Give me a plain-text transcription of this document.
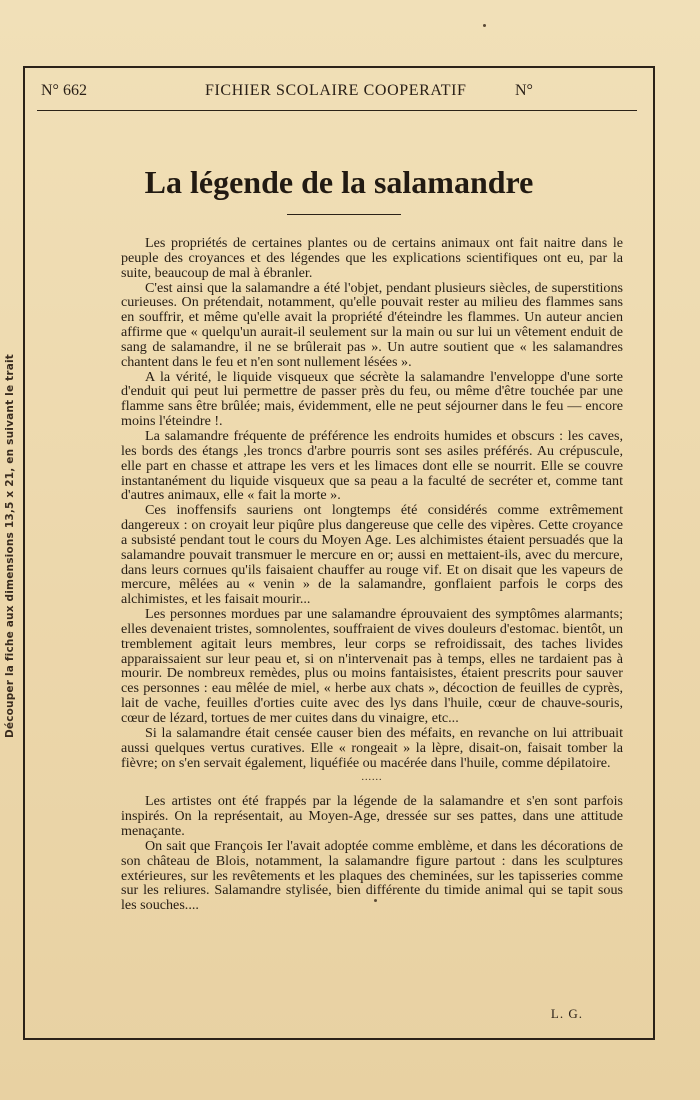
Découper la fiche aux dimensions 13,5 x 21, en suivant le trait
N° 662	FICHIER SCOLAIRE COOPERATIF	N°
La légende de la salamandre

Les propriétés de certaines plantes ou de certains animaux ont fait naitre dans le peuple des croyances et des légendes que les explications scientifiques ont eu, par la suite, beaucoup de mal à ébranler.

C'est ainsi que la salamandre a été l'objet, pendant plusieurs siècles, de superstitions curieuses. On prétendait, notamment, qu'elle pouvait rester au milieu des flammes sans en souffrir, et même qu'elle avait la propriété d'éteindre les flammes. Un auteur ancien affirme que « quelqu'un aurait-il seulement sur la main ou sur lui un vêtement enduit de sang de salamandre, il ne se brûlerait pas ». Un autre soutient que « les salamandres chantent dans le feu et n'en sont nullement lésées ».

A la vérité, le liquide visqueux que sécrète la salamandre l'enveloppe d'une sorte d'enduit qui peut lui permettre de passer près du feu, ou même d'être touchée par une flamme sans être brûlée; mais, évidemment, elle ne peut séjourner dans le feu — encore moins l'éteindre !.

La salamandre fréquente de préférence les endroits humides et obscurs : les caves, les bords des étangs ,les troncs d'arbre pourris sont ses asiles préférés. Au crépuscule, elle part en chasse et attrape les vers et les limaces dont elle se nourrit. Elle se couvre instantanément du liquide visqueux que sa peau a la faculté de secréter et, comme tant d'autres animaux, elle « fait la morte ».

Ces inoffensifs sauriens ont longtemps été considérés comme extrêmement dangereux : on croyait leur piqûre plus dangereuse que celle des vipères. Cette croyance a subsisté pendant tout le cours du Moyen Age. Les alchimistes étaient persuadés que la salamandre pouvait transmuer le mercure en or; aussi en mettaient-ils, avec du mercure, dans leurs cornues qu'ils faisaient chauffer au rouge vif. Et on disait que les vapeurs de mercure, mêlées au « venin » de la salamandre, gonflaient parfois le corps des alchimistes, et les faisait mourir...

Les personnes mordues par une salamandre éprouvaient des symptômes alarmants; elles devenaient tristes, somnolentes, souffraient de vives douleurs d'estomac. bientôt, un tremblement agitait leurs membres, leur corps se refroidissait, des taches livides apparaissaient sur leur peau et, si on n'intervenait pas à temps, elles ne tardaient pas à mourir. De nombreux remèdes, plus ou moins fantaisistes, étaient prescrits pour sauver ces personnes : eau mêlée de miel, « herbe aux chats », décoction de feuilles de cyprès, lait de vache, feuilles d'orties cuite avec des lys dans l'huile, cœur de chauve-souris, cœur de lézard, tortues de mer cuites dans du vinaigre, etc...

Si la salamandre était censée causer bien des méfaits, en revanche on lui attribuait aussi quelques vertus curatives. Elle « rongeait » la lèpre, disait-on, faisait tomber la fièvre; on s'en servait également, liquéfiée ou macérée dans l'huile, comme dépilatoire.

......

Les artistes ont été frappés par la légende de la salamandre et s'en sont parfois inspirés. On la représentait, au Moyen-Age, dressée sur ses pattes, dans une attitude menaçante.

On sait que François Ier l'avait adoptée comme emblème, et dans les décorations de son château de Blois, notamment, la salamandre figure partout : dans les sculptures extérieures, sur les revêtements et les plaques des cheminées, sur les tapisseries comme sur les reliures. Salamandre stylisée, bien différente du timide animal qui se tapit sous les souches....

L. G.
